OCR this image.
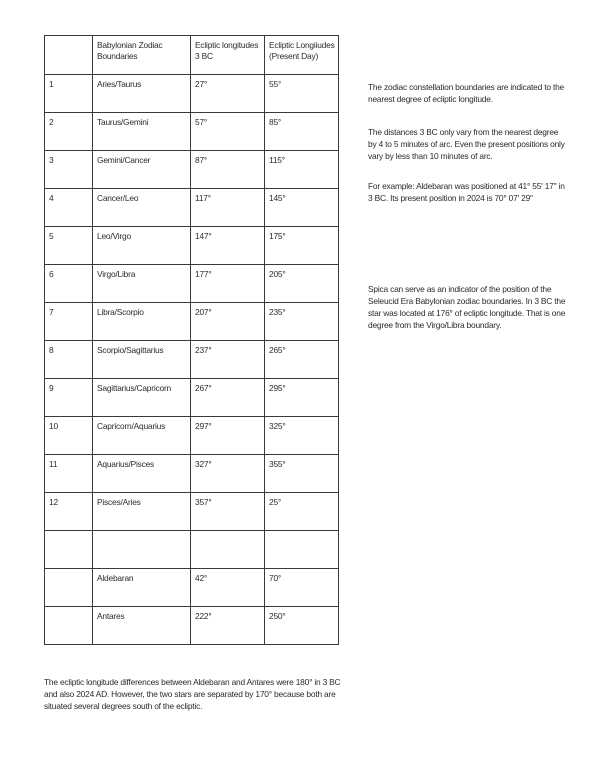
	Babylonian Zodiac Boundaries	Ecliptic longitudes 3 BC	Ecliptic Longiiudes (Present Day)
1	Aries/Taurus	27°	55°
2	Taurus/Gemini	57°	85°
3	Gemini/Cancer	87°	115°
4	Cancer/Leo	117°	145°
5	Leo/Virgo	147°	175°
6	Virgo/Libra	177°	205°
7	Libra/Scorpio	207°	235°
8	Scorpio/Sagittarius	237°	265°
9	Sagittarius/Capricorn	267°	295°
10	Capricorn/Aquarius	297°	325°
11	Aquarius/Pisces	327°	355°
12	Pisces/Aries	357°	25°

	Aldebaran	42°	70°
	Antares	222°	250°

The zodiac constellation boundaries are indicated to the nearest degree of ecliptic longitude.

The distances 3 BC only vary from the nearest degree by 4 to 5 minutes of arc. Even the present positions only vary by less than 10 minutes of arc.

For example: Aldebaran was positioned at 41° 55' 17" in 3 BC. Its present position in 2024 is 70° 07' 29"

Spica can serve as an indicator of the position of the Seleucid Era Babylonian zodiac boundaries. In 3 BC the star was located at 176° of ecliptic longitude. That is one degree from the Virgo/Libra boundary.

The ecliptic longitude differences between Aldebaran and Antares were 180° in 3 BC and also 2024 AD. However, the two stars are separated by 170° because both are situated several degrees south of the ecliptic.
